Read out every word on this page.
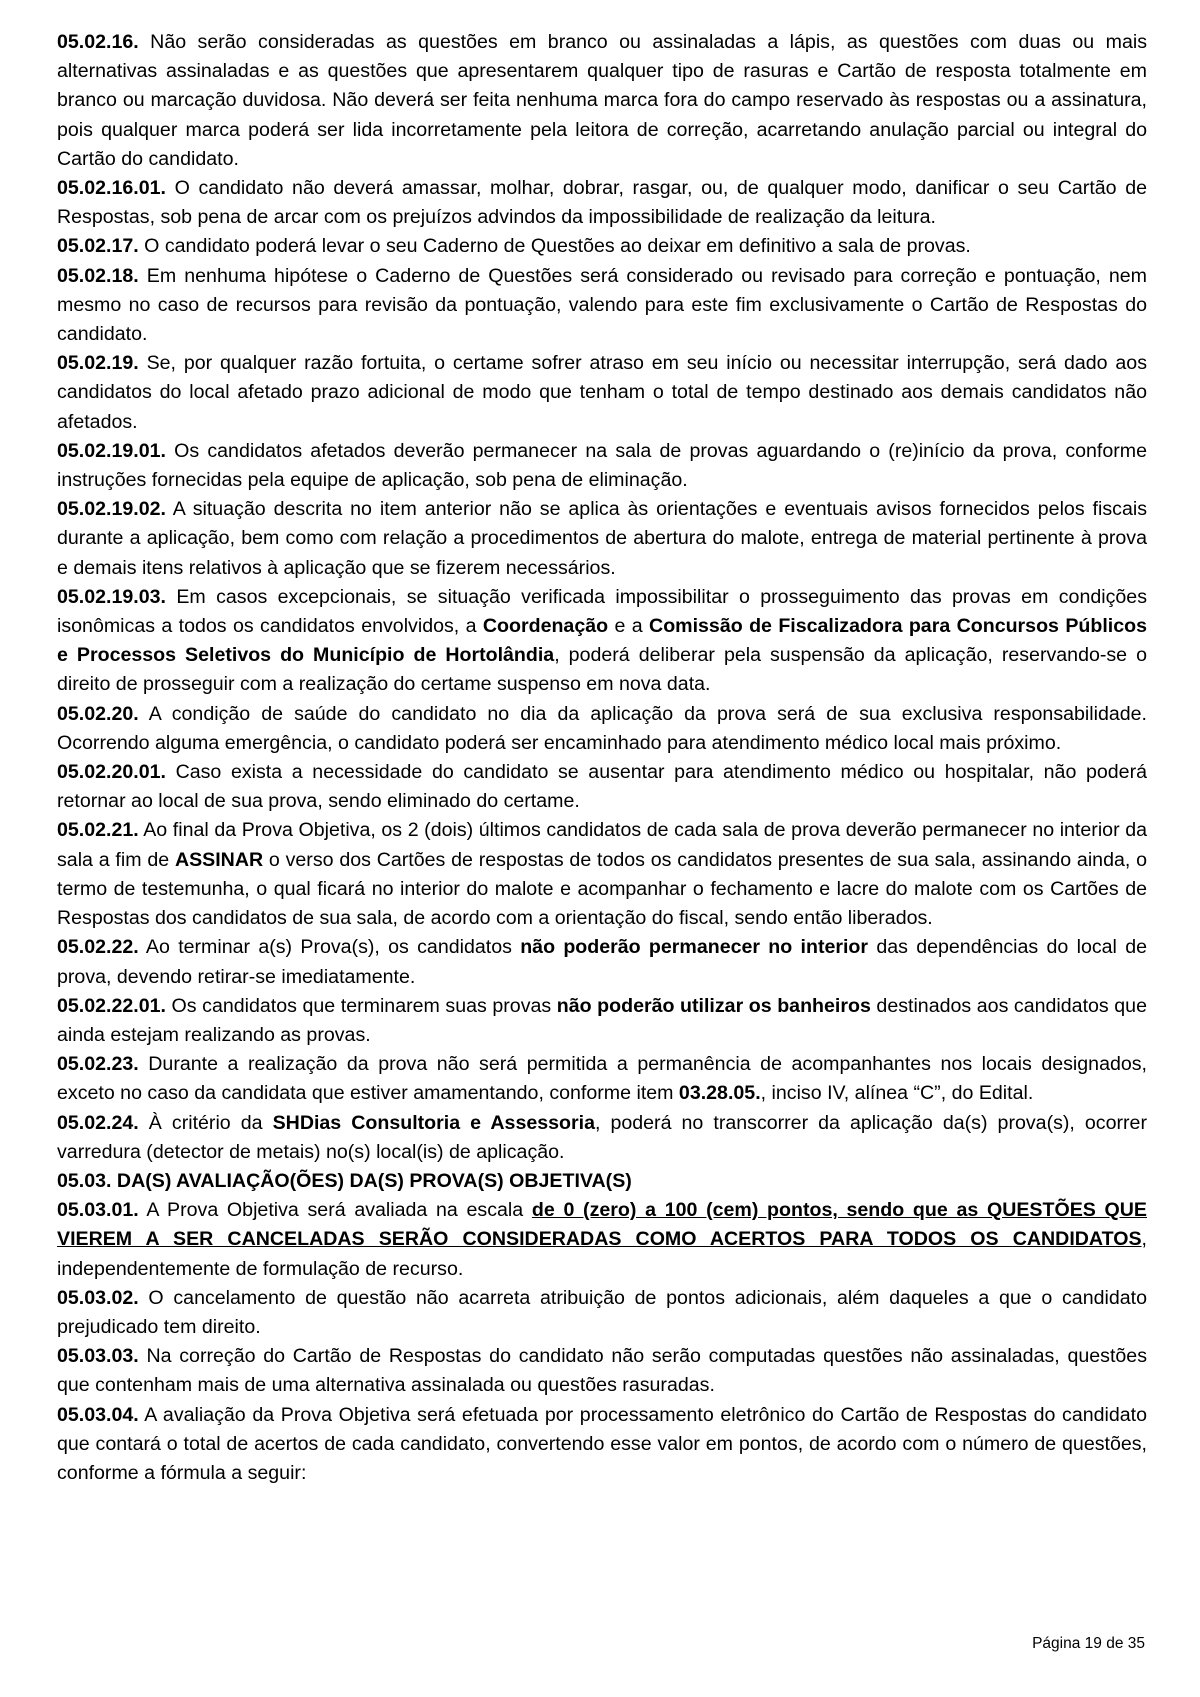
05.02.16. Não serão consideradas as questões em branco ou assinaladas a lápis, as questões com duas ou mais alternativas assinaladas e as questões que apresentarem qualquer tipo de rasuras e Cartão de resposta totalmente em branco ou marcação duvidosa. Não deverá ser feita nenhuma marca fora do campo reservado às respostas ou a assinatura, pois qualquer marca poderá ser lida incorretamente pela leitora de correção, acarretando anulação parcial ou integral do Cartão do candidato.

05.02.16.01. O candidato não deverá amassar, molhar, dobrar, rasgar, ou, de qualquer modo, danificar o seu Cartão de Respostas, sob pena de arcar com os prejuízos advindos da impossibilidade de realização da leitura.

05.02.17. O candidato poderá levar o seu Caderno de Questões ao deixar em definitivo a sala de provas.

05.02.18. Em nenhuma hipótese o Caderno de Questões será considerado ou revisado para correção e pontuação, nem mesmo no caso de recursos para revisão da pontuação, valendo para este fim exclusivamente o Cartão de Respostas do candidato.

05.02.19. Se, por qualquer razão fortuita, o certame sofrer atraso em seu início ou necessitar interrupção, será dado aos candidatos do local afetado prazo adicional de modo que tenham o total de tempo destinado aos demais candidatos não afetados.

05.02.19.01. Os candidatos afetados deverão permanecer na sala de provas aguardando o (re)início da prova, conforme instruções fornecidas pela equipe de aplicação, sob pena de eliminação.

05.02.19.02. A situação descrita no item anterior não se aplica às orientações e eventuais avisos fornecidos pelos fiscais durante a aplicação, bem como com relação a procedimentos de abertura do malote, entrega de material pertinente à prova e demais itens relativos à aplicação que se fizerem necessários.

05.02.19.03. Em casos excepcionais, se situação verificada impossibilitar o prosseguimento das provas em condições isonômicas a todos os candidatos envolvidos, a Coordenação e a Comissão de Fiscalizadora para Concursos Públicos e Processos Seletivos do Município de Hortolândia, poderá deliberar pela suspensão da aplicação, reservando-se o direito de prosseguir com a realização do certame suspenso em nova data.

05.02.20. A condição de saúde do candidato no dia da aplicação da prova será de sua exclusiva responsabilidade. Ocorrendo alguma emergência, o candidato poderá ser encaminhado para atendimento médico local mais próximo.

05.02.20.01. Caso exista a necessidade do candidato se ausentar para atendimento médico ou hospitalar, não poderá retornar ao local de sua prova, sendo eliminado do certame.

05.02.21. Ao final da Prova Objetiva, os 2 (dois) últimos candidatos de cada sala de prova deverão permanecer no interior da sala a fim de ASSINAR o verso dos Cartões de respostas de todos os candidatos presentes de sua sala, assinando ainda, o termo de testemunha, o qual ficará no interior do malote e acompanhar o fechamento e lacre do malote com os Cartões de Respostas dos candidatos de sua sala, de acordo com a orientação do fiscal, sendo então liberados.

05.02.22. Ao terminar a(s) Prova(s), os candidatos não poderão permanecer no interior das dependências do local de prova, devendo retirar-se imediatamente.

05.02.22.01. Os candidatos que terminarem suas provas não poderão utilizar os banheiros destinados aos candidatos que ainda estejam realizando as provas.

05.02.23. Durante a realização da prova não será permitida a permanência de acompanhantes nos locais designados, exceto no caso da candidata que estiver amamentando, conforme item 03.28.05., inciso IV, alínea “C”, do Edital.

05.02.24. À critério da SHDias Consultoria e Assessoria, poderá no transcorrer da aplicação da(s) prova(s), ocorrer varredura (detector de metais) no(s) local(is) de aplicação.

05.03. DA(S) AVALIAÇÃO(ÕES) DA(S) PROVA(S) OBJETIVA(S)

05.03.01. A Prova Objetiva será avaliada na escala de 0 (zero) a 100 (cem) pontos, sendo que as QUESTÕES QUE VIEREM A SER CANCELADAS SERÃO CONSIDERADAS COMO ACERTOS PARA TODOS OS CANDIDATOS, independentemente de formulação de recurso.

05.03.02. O cancelamento de questão não acarreta atribuição de pontos adicionais, além daqueles a que o candidato prejudicado tem direito.

05.03.03. Na correção do Cartão de Respostas do candidato não serão computadas questões não assinaladas, questões que contenham mais de uma alternativa assinalada ou questões rasuradas.

05.03.04. A avaliação da Prova Objetiva será efetuada por processamento eletrônico do Cartão de Respostas do candidato que contará o total de acertos de cada candidato, convertendo esse valor em pontos, de acordo com o número de questões, conforme a fórmula a seguir:

Página 19 de 35
